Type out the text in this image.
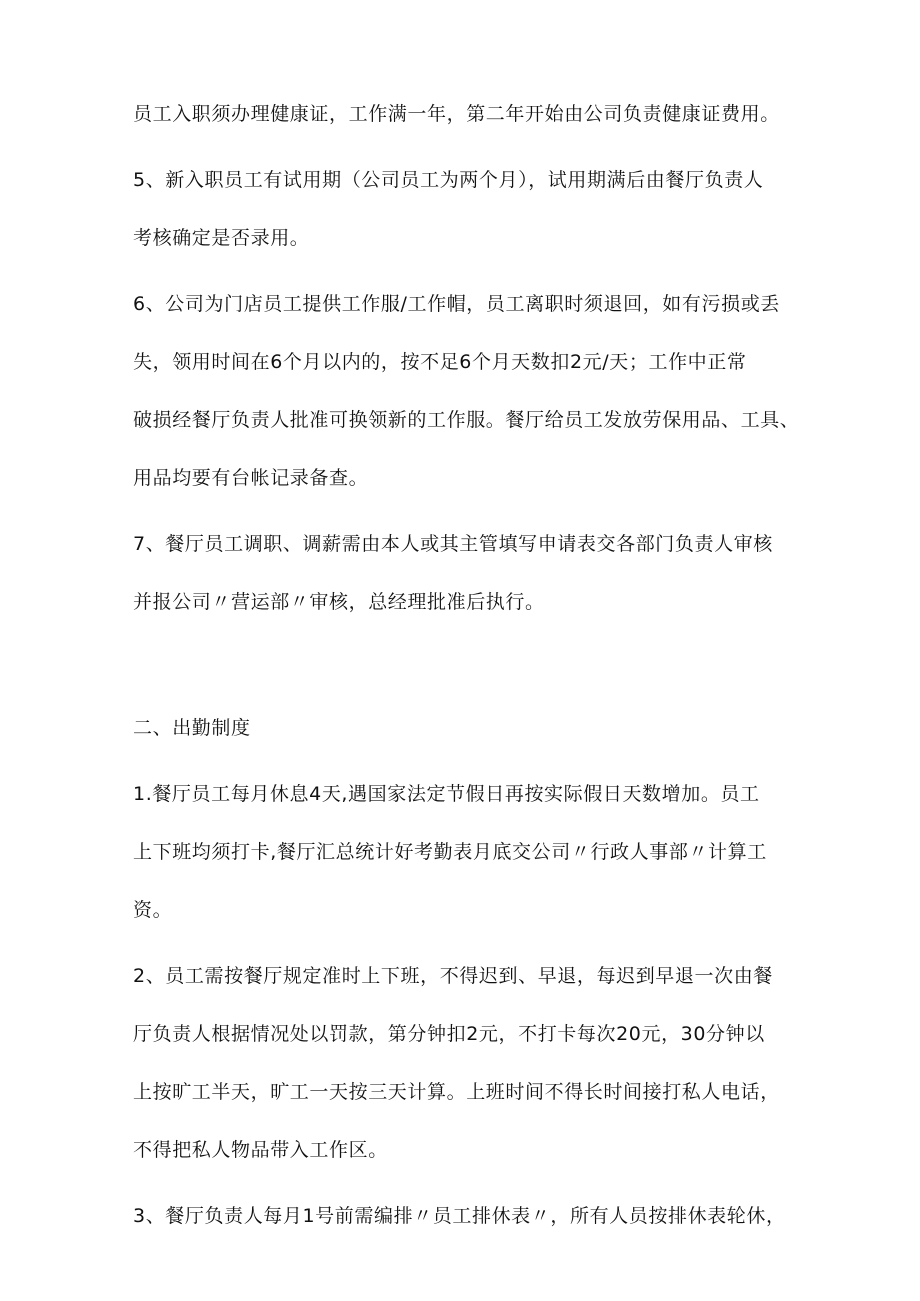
员工入职须办理健康证，工作满一年，第二年开始由公司负责健康证费用。
5、新入职员工有试用期（公司员工为两个月），试用期满后由餐厅负责人
考核确定是否录用。
6、公司为门店员工提供工作服/工作帽，员工离职时须退回，如有污损或丢
失，领用时间在6个月以内的，按不足6个月天数扣2元/天；工作中正常
破损经餐厅负责人批准可换领新的工作服。餐厅给员工发放劳保用品、工具、
用品均要有台帐记录备查。
7、餐厅员工调职、调薪需由本人或其主管填写申请表交各部门负责人审核
并报公司〃营运部〃审核，总经理批准后执行。
二、出勤制度
1.餐厅员工每月休息4天,遇国家法定节假日再按实际假日天数增加。员工
上下班均须打卡,餐厅汇总统计好考勤表月底交公司〃行政人事部〃计算工
资。
2、员工需按餐厅规定准时上下班，不得迟到、早退，每迟到早退一次由餐
厅负责人根据情况处以罚款，第分钟扣2元，不打卡每次20元，30分钟以
上按旷工半天，旷工一天按三天计算。上班时间不得长时间接打私人电话，
不得把私人物品带入工作区。
3、餐厅负责人每月1号前需编排〃员工排休表〃，所有人员按排休表轮休，
